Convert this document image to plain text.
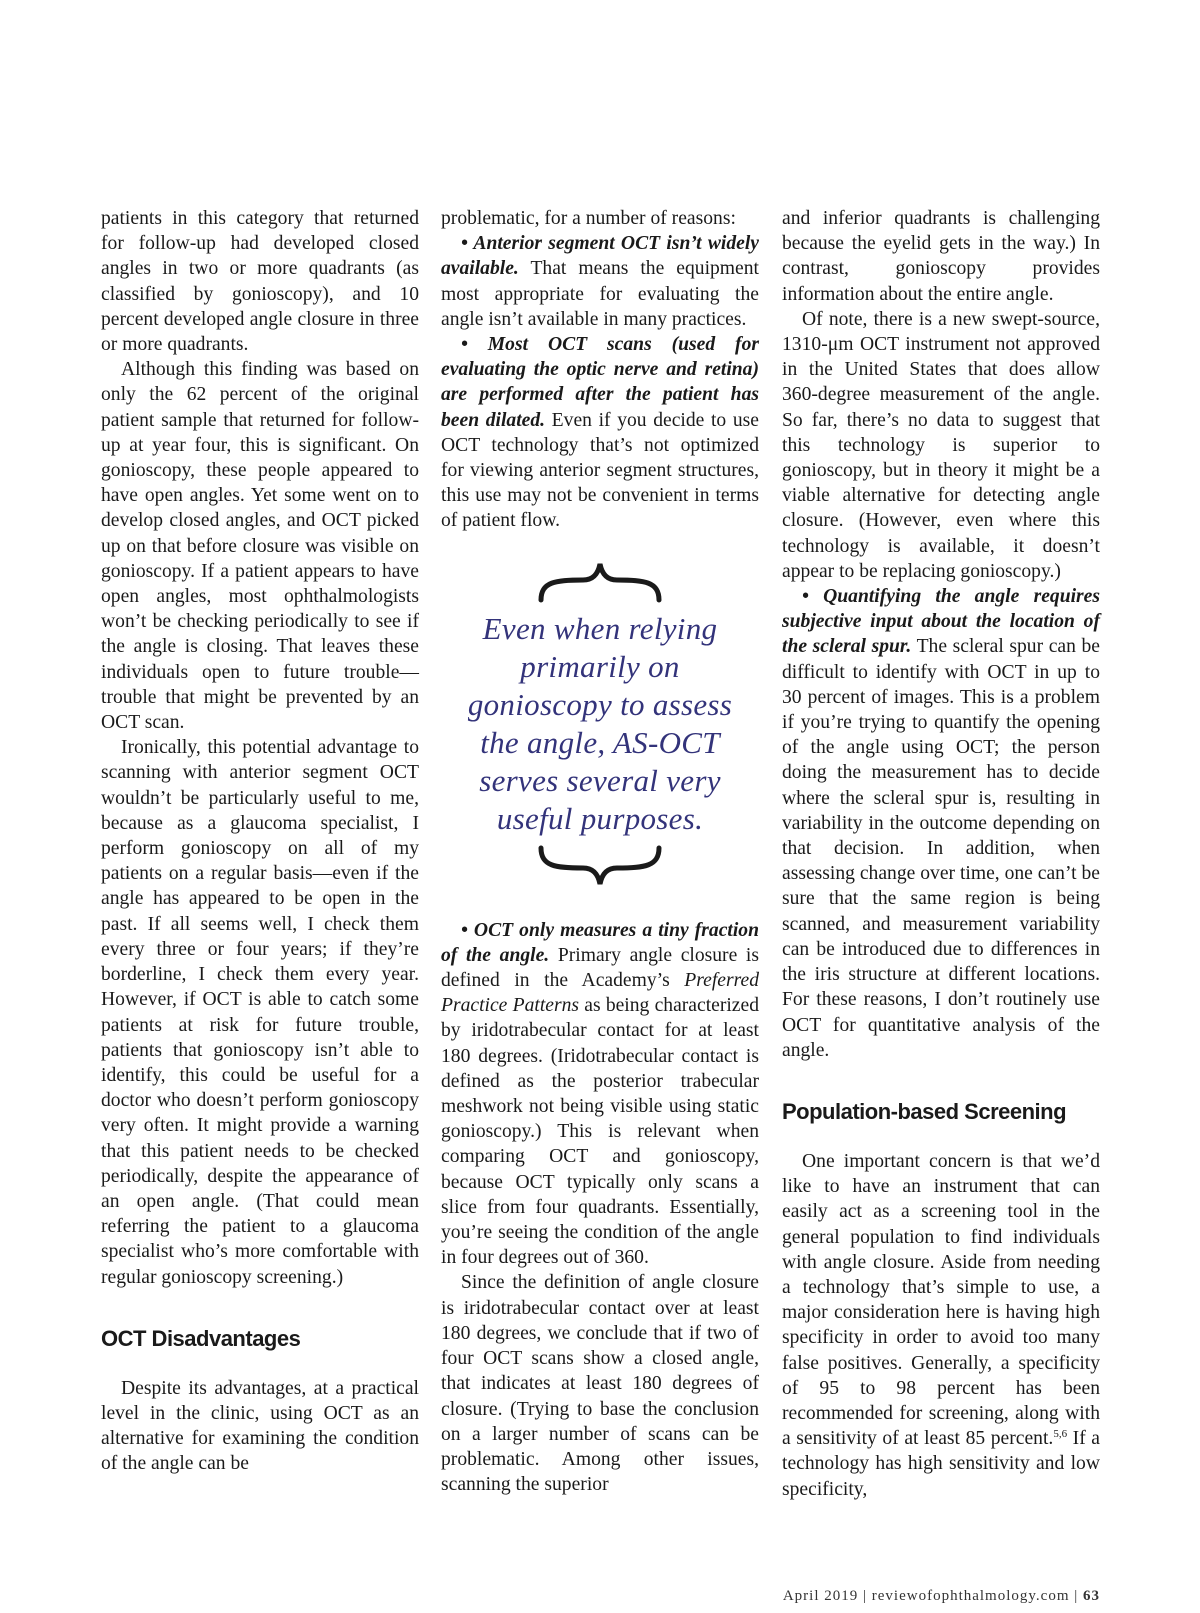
patients in this category that returned for follow-up had developed closed angles in two or more quadrants (as classified by gonioscopy), and 10 percent developed angle closure in three or more quadrants.

Although this finding was based on only the 62 percent of the original patient sample that returned for follow-up at year four, this is significant. On gonioscopy, these people appeared to have open angles. Yet some went on to develop closed angles, and OCT picked up on that before closure was visible on gonioscopy. If a patient appears to have open angles, most ophthalmologists won’t be checking periodically to see if the angle is closing. That leaves these individuals open to future trouble—trouble that might be prevented by an OCT scan.

Ironically, this potential advantage to scanning with anterior segment OCT wouldn’t be particularly useful to me, because as a glaucoma specialist, I perform gonioscopy on all of my patients on a regular basis—even if the angle has appeared to be open in the past. If all seems well, I check them every three or four years; if they’re borderline, I check them every year. However, if OCT is able to catch some patients at risk for future trouble, patients that gonioscopy isn’t able to identify, this could be useful for a doctor who doesn’t perform gonioscopy very often. It might provide a warning that this patient needs to be checked periodically, despite the appearance of an open angle. (That could mean referring the patient to a glaucoma specialist who’s more comfortable with regular gonioscopy screening.)

OCT Disadvantages

Despite its advantages, at a practical level in the clinic, using OCT as an alternative for examining the condition of the angle can be

problematic, for a number of reasons:

• Anterior segment OCT isn’t widely available. That means the equipment most appropriate for evaluating the angle isn’t available in many practices.

• Most OCT scans (used for evaluating the optic nerve and retina) are performed after the patient has been dilated. Even if you decide to use OCT technology that’s not optimized for viewing anterior segment structures, this use may not be convenient in terms of patient flow.

Even when relying primarily on gonioscopy to assess the angle, AS-OCT serves several very useful purposes.

• OCT only measures a tiny fraction of the angle. Primary angle closure is defined in the Academy’s Preferred Practice Patterns as being characterized by iridotrabecular contact for at least 180 degrees. (Iridotrabecular contact is defined as the posterior trabecular meshwork not being visible using static gonioscopy.) This is relevant when comparing OCT and gonioscopy, because OCT typically only scans a slice from four quadrants. Essentially, you’re seeing the condition of the angle in four degrees out of 360.

Since the definition of angle closure is iridotrabecular contact over at least 180 degrees, we conclude that if two of four OCT scans show a closed angle, that indicates at least 180 degrees of closure. (Trying to base the conclusion on a larger number of scans can be problematic. Among other issues, scanning the superior

and inferior quadrants is challenging because the eyelid gets in the way.) In contrast, gonioscopy provides information about the entire angle.

Of note, there is a new swept-source, 1310-μm OCT instrument not approved in the United States that does allow 360-degree measurement of the angle. So far, there’s no data to suggest that this technology is superior to gonioscopy, but in theory it might be a viable alternative for detecting angle closure. (However, even where this technology is available, it doesn’t appear to be replacing gonioscopy.)

• Quantifying the angle requires subjective input about the location of the scleral spur. The scleral spur can be difficult to identify with OCT in up to 30 percent of images. This is a problem if you’re trying to quantify the opening of the angle using OCT; the person doing the measurement has to decide where the scleral spur is, resulting in variability in the outcome depending on that decision. In addition, when assessing change over time, one can’t be sure that the same region is being scanned, and measurement variability can be introduced due to differences in the iris structure at different locations. For these reasons, I don’t routinely use OCT for quantitative analysis of the angle.

Population-based Screening

One important concern is that we’d like to have an instrument that can easily act as a screening tool in the general population to find individuals with angle closure. Aside from needing a technology that’s simple to use, a major consideration here is having high specificity in order to avoid too many false positives. Generally, a specificity of 95 to 98 percent has been recommended for screening, along with a sensitivity of at least 85 percent.$^{5,6}$ If a technology has high sensitivity and low specificity,

April 2019 | reviewofophthalmology.com | 63
